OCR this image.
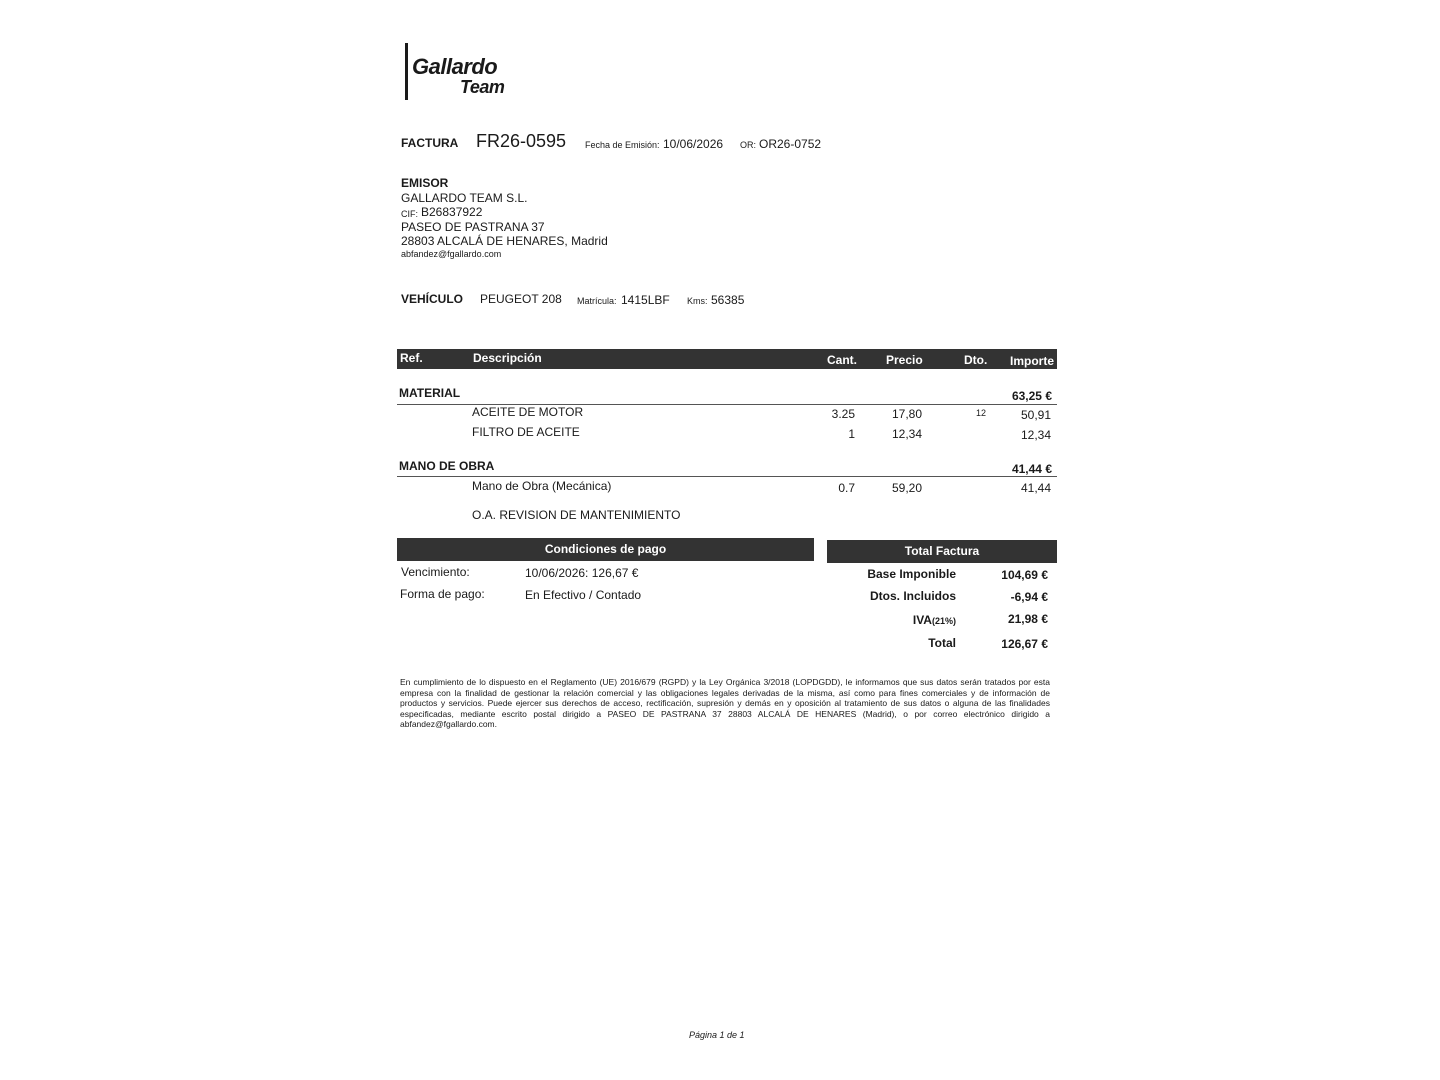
Gallardo
Team
FACTURA FR26-0595 Fecha de Emisión: 10/06/2026 OR: OR26-0752
EMISOR
GALLARDO TEAM S.L.
CIF: B26837922
PASEO DE PASTRANA 37
28803 ALCALÁ DE HENARES, Madrid
abfandez@fgallardo.com
VEHÍCULO PEUGEOT 208 Matrícula: 1415LBF Kms: 56385
Ref.	Descripción	Cant. Precio	Dto. Importe
MATERIAL	63,25 €
ACEITE DE MOTOR	3.25	17,80	12	50,91
FILTRO DE ACEITE	1	12,34	12,34
MANO DE OBRA	41,44 €
Mano de Obra (Mecánica)	0.7	59,20	41,44
O.A. REVISION DE MANTENIMIENTO
Condiciones de pago
Vencimiento:	10/06/2026: 126,67 €
Forma de pago:	En Efectivo / Contado
Total Factura
Base Imponible	104,69 €
Dtos. Incluidos	-6,94 €
IVA(21%)	21,98 €
Total	126,67 €
En cumplimiento de lo dispuesto en el Reglamento (UE) 2016/679 (RGPD) y la Ley Orgánica 3/2018 (LOPDGDD), le informamos que sus datos serán tratados por esta empresa con la finalidad de gestionar la relación comercial y las obligaciones legales derivadas de la misma, así como para fines comerciales y de información de productos y servicios. Puede ejercer sus derechos de acceso, rectificación, supresión y demás en y oposición al tratamiento de sus datos o alguna de las finalidades especificadas, mediante escrito postal dirigido a PASEO DE PASTRANA 37 28803 ALCALÁ DE HENARES (Madrid), o por correo electrónico dirigido a abfandez@fgallardo.com.
Página 1 de 1
